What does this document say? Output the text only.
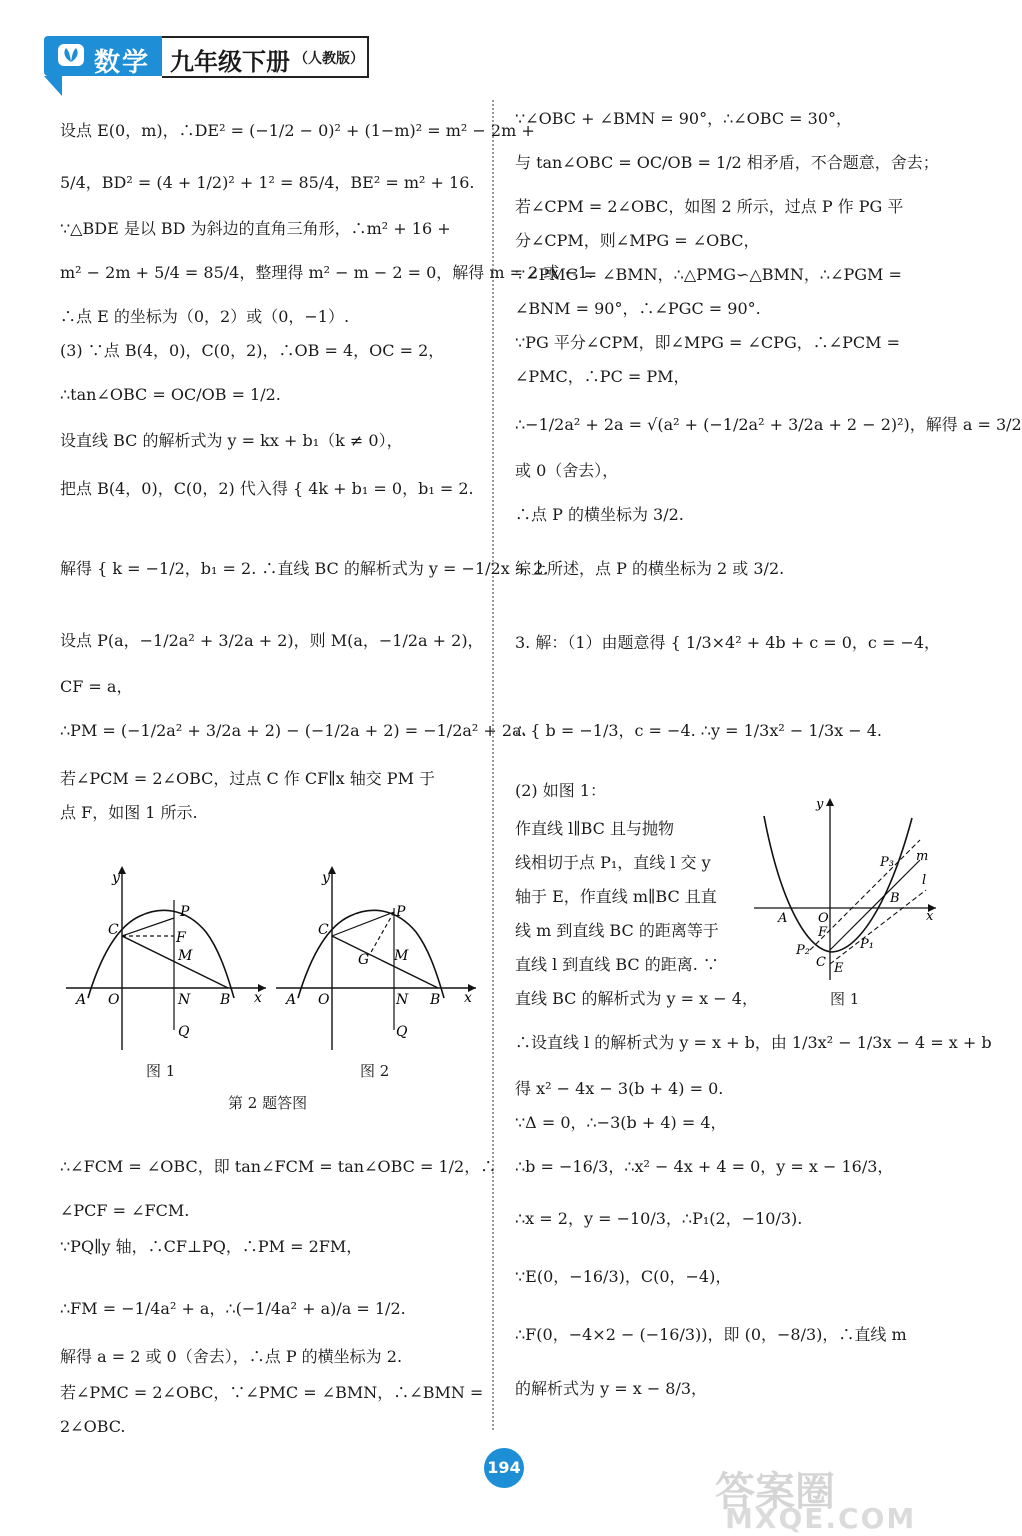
数学 九年级下册 （人教版）
设点 E(0，m)，∴DE² = (−1/2 − 0)² + (1−m)² = m² − 2m +
5/4，BD² = (4 + 1/2)² + 1² = 85/4，BE² = m² + 16.
∵△BDE 是以 BD 为斜边的直角三角形，∴m² + 16 +
m² − 2m + 5/4 = 85/4，整理得 m² − m − 2 = 0，解得 m = 2 或 −1.
∴点 E 的坐标为（0，2）或（0，−1）.
(3) ∵点 B(4，0)，C(0，2)，∴OB = 4，OC = 2，
∴tan∠OBC = OC/OB = 1/2.
设直线 BC 的解析式为 y = kx + b₁（k ≠ 0），
把点 B(4，0)，C(0，2) 代入得 { 4k + b₁ = 0，b₁ = 2.
解得 { k = −1/2，b₁ = 2. ∴直线 BC 的解析式为 y = −1/2x + 2.
设点 P(a，−1/2a² + 3/2a + 2)，则 M(a，−1/2a + 2)，
CF = a，
∴PM = (−1/2a² + 3/2a + 2) − (−1/2a + 2) = −1/2a² + 2a.
若∠PCM = 2∠OBC，过点 C 作 CF∥x 轴交 PM 于
点 F，如图 1 所示.
y
x
O
A	B
C
P
F
M
N
Q
图 1
y
x
O
A	B
C
P
G M
N
Q
图 2
第 2 题答图
∴∠FCM = ∠OBC，即 tan∠FCM = tan∠OBC = 1/2，∴
∠PCF = ∠FCM.
∵PQ∥y 轴，∴CF⊥PQ，∴PM = 2FM，
∴FM = −1/4a² + a，∴(−1/4a² + a)/a = 1/2.
解得 a = 2 或 0（舍去），∴点 P 的横坐标为 2.
若∠PMC = 2∠OBC，∵∠PMC = ∠BMN，∴∠BMN =
2∠OBC.
∵∠OBC + ∠BMN = 90°，∴∠OBC = 30°，
与 tan∠OBC = OC/OB = 1/2 相矛盾，不合题意，舍去；
若∠CPM = 2∠OBC，如图 2 所示，过点 P 作 PG 平
分∠CPM，则∠MPG = ∠OBC，
∵∠PMG = ∠BMN，∴△PMG∽△BMN，∴∠PGM =
∠BNM = 90°，∴∠PGC = 90°.
∵PG 平分∠CPM，即∠MPG = ∠CPG，∴∠PCM =
∠PMC，∴PC = PM，
∴−1/2a² + 2a = √(a² + (−1/2a² + 3/2a + 2 − 2)²)，解得 a = 3/2
或 0（舍去），
∴点 P 的横坐标为 3/2.
综上所述，点 P 的横坐标为 2 或 3/2.
3. 解：（1）由题意得 { 1/3×4² + 4b + c = 0，c = −4，
∴ { b = −1/3，c = −4. ∴y = 1/3x² − 1/3x − 4.
(2) 如图 1：
作直线 l∥BC 且与抛物
线相切于点 P₁，直线 l 交 y
轴于 E，作直线 m∥BC 且直
线 m 到直线 BC 的距离等于
直线 l 到直线 BC 的距离. ∵
直线 BC 的解析式为 y = x − 4，
y
x
O
A
B
C E
F
P₁
P₂
P₃ m
l
图 1
∴设直线 l 的解析式为 y = x + b，由 1/3x² − 1/3x − 4 = x + b
得 x² − 4x − 3(b + 4) = 0.
∵Δ = 0，∴−3(b + 4) = 4，
∴b = −16/3，∴x² − 4x + 4 = 0，y = x − 16/3，
∴x = 2，y = −10/3，∴P₁(2，−10/3).
∵E(0，−16/3)，C(0，−4)，
∴F(0，−4×2 − (−16/3))，即 (0，−8/3)，∴直线 m
的解析式为 y = x − 8/3，
194
答案圈
MXQE.COM
